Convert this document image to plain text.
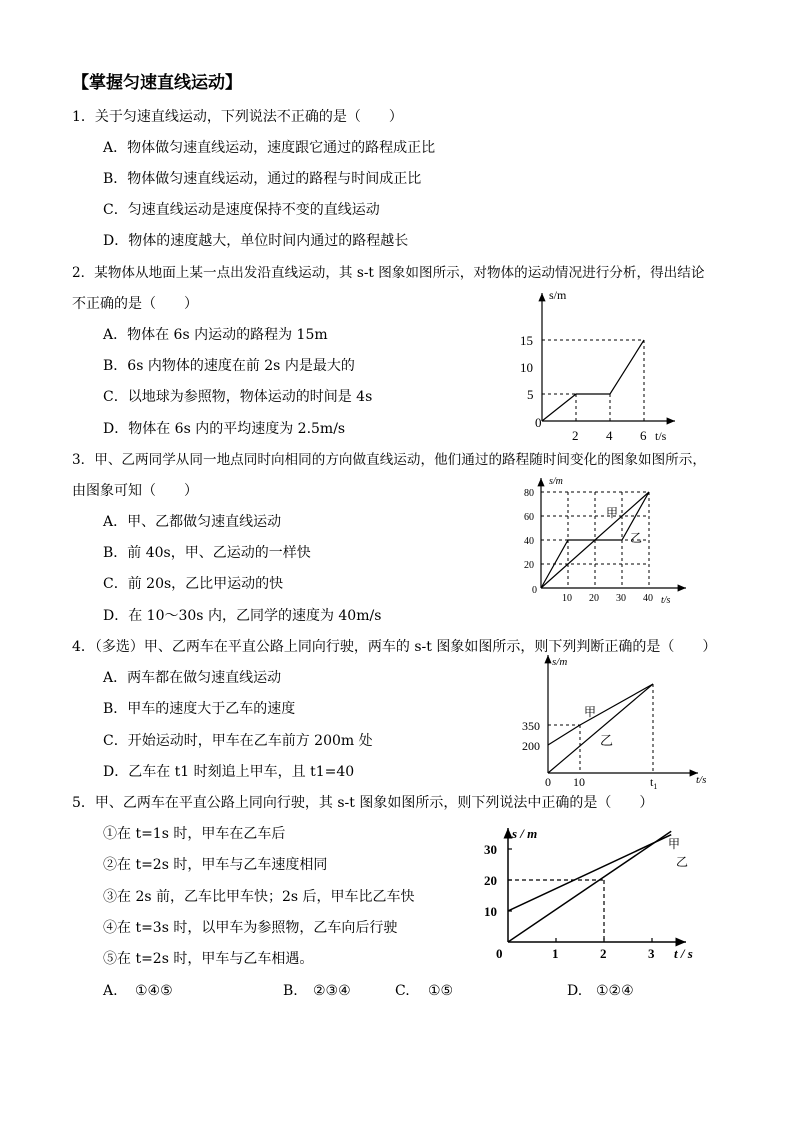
【掌握匀速直线运动】
1．关于匀速直线运动，下列说法不正确的是（　　）
A．物体做匀速直线运动，速度跟它通过的路程成正比
B．物体做匀速直线运动，通过的路程与时间成正比
C．匀速直线运动是速度保持不变的直线运动
D．物体的速度越大，单位时间内通过的路程越长
2．某物体从地面上某一点出发沿直线运动，其 s-t 图象如图所示，对物体的运动情况进行分析，得出结论
不正确的是（　　）
A．物体在 6s 内运动的路程为 15m
B．6s 内物体的速度在前 2s 内是最大的
C．以地球为参照物，物体运动的时间是 4s
D．物体在 6s 内的平均速度为 2.5m/s	2 4 6
5
10
15
0
s/m
t/s
3．甲、乙两同学从同一地点同时向相同的方向做直线运动，他们通过的路程随时间变化的图象如图所示，
由图象可知（　　）
A．甲、乙都做匀速直线运动
B．前 40s，甲、乙运动的一样快
C．前 20s，乙比甲运动的快
D．在 10～30s 内，乙同学的速度为 40m/s
10 20 30 40
20
40
60
80
甲
乙
0
s/m
t/s
4．（多选）甲、乙两车在平直公路上同向行驶，两车的 s-t 图象如图所示，则下列判断正确的是（　　）
A．两车都在做匀速直线运动
B．甲车的速度大于乙车的速度
C．开始运动时，甲车在乙车前方 200m 处
D．乙车在 t1 时刻追上甲车，且 t1=40
甲
乙
350
200
0 10	$t_1$
s/m
t/s
5．甲、乙两车在平直公路上同向行驶，其 s-t 图象如图所示，则下列说法中正确的是（　　）
①在 t=1s 时，甲车在乙车后
②在 t=2s 时，甲车与乙车速度相同
③在 2s 前，乙车比甲车快；2s 后，甲车比乙车快
④在 t=3s 时，以甲车为参照物，乙车向后行驶
⑤在 t=2s 时，甲车与乙车相遇。
A. ①④⑤	B. ②③④	C. ①⑤	D. ①②④
1	2	3
10
20
30	甲
乙
0
s / m
t / s
